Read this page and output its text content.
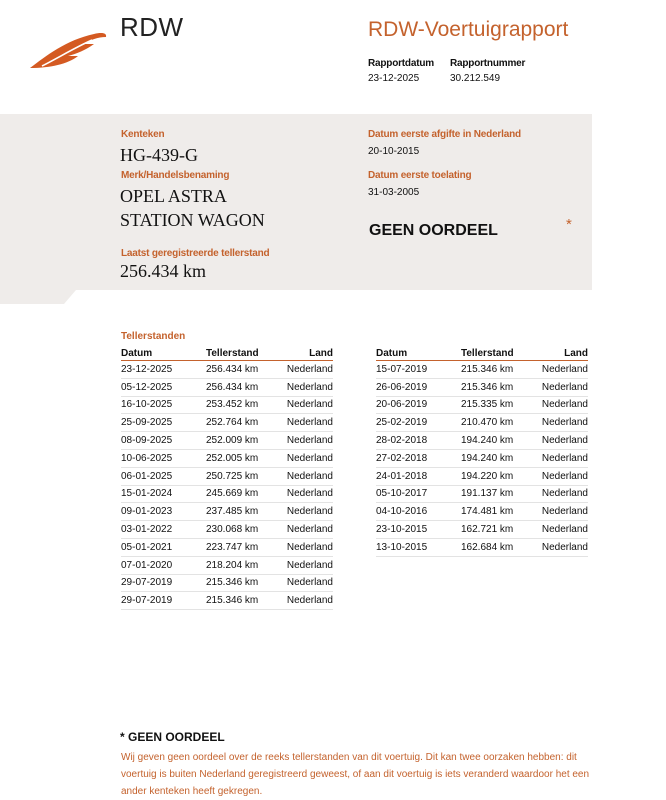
RDW	RDW-Voertuigrapport
Rapportdatum
23-12-2025
Rapportnummer
30.212.549
Kenteken
HG-439-G
Merk/Handelsbenaming
OPEL ASTRA
STATION WAGON
Laatst geregistreerde tellerstand
256.434 km
Datum eerste afgifte in Nederland
20-10-2015
Datum eerste toelating
31-03-2005
GEEN OORDEEL	*
Tellerstanden
Datum	Tellerstand	Land
23-12-2025	256.434 km	Nederland
05-12-2025	256.434 km	Nederland
16-10-2025	253.452 km	Nederland
25-09-2025	252.764 km	Nederland
08-09-2025	252.009 km	Nederland
10-06-2025	252.005 km	Nederland
06-01-2025	250.725 km	Nederland
15-01-2024	245.669 km	Nederland
09-01-2023	237.485 km	Nederland
03-01-2022	230.068 km	Nederland
05-01-2021	223.747 km	Nederland
07-01-2020	218.204 km	Nederland
29-07-2019	215.346 km	Nederland
29-07-2019	215.346 km	Nederland
Datum	Tellerstand	Land
15-07-2019	215.346 km	Nederland
26-06-2019	215.346 km	Nederland
20-06-2019	215.335 km	Nederland
25-02-2019	210.470 km	Nederland
28-02-2018	194.240 km	Nederland
27-02-2018	194.240 km	Nederland
24-01-2018	194.220 km	Nederland
05-10-2017	191.137 km	Nederland
04-10-2016	174.481 km	Nederland
23-10-2015	162.721 km	Nederland
13-10-2015	162.684 km	Nederland
* GEEN OORDEEL
Wij geven geen oordeel over de reeks tellerstanden van dit voertuig. Dit kan twee oorzaken hebben: dit voertuig is buiten Nederland geregistreerd geweest, of aan dit voertuig is iets veranderd waardoor het een ander kenteken heeft gekregen.
